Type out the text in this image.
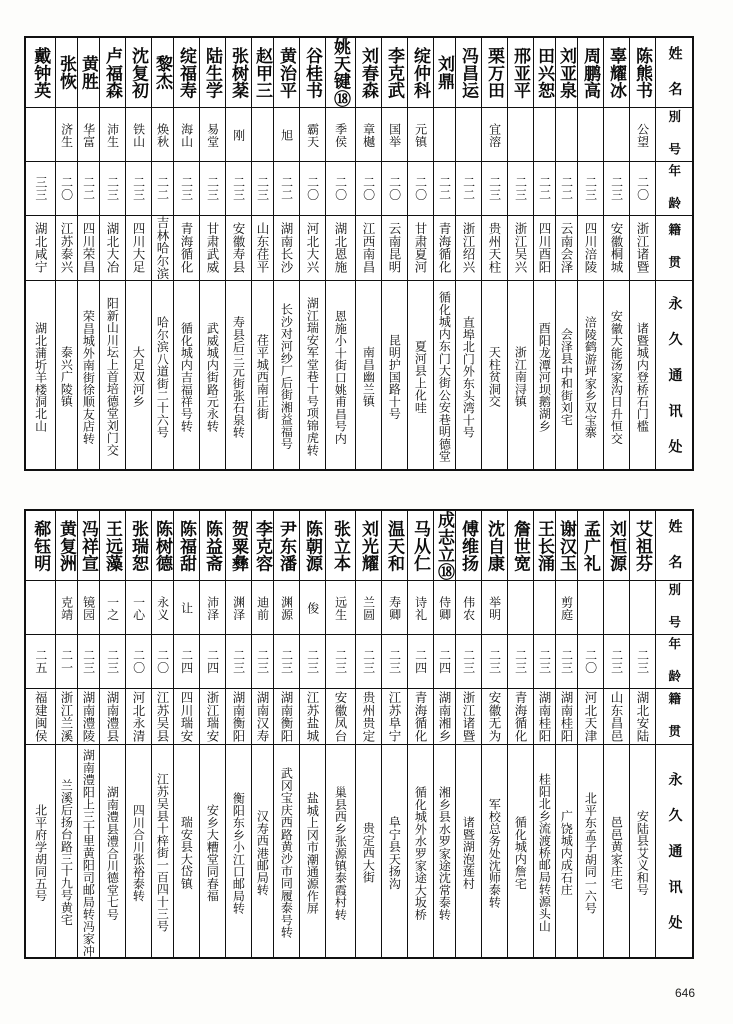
戴钟英	张恢	黄胜	卢福森	沈复初	黎杰	绽福寿	陆生学	张树棻	赵甲三	黄治平	谷桂书	姚天键⑱	刘春森	李克武	绽仲科	刘鼎	冯昌运	栗万田	邢亚平	田兴恕	刘亚泉	周鹏高	辜耀冰	陈熊书	姓　名

	济生	华富	沛生	铁山	焕秋	海山	易堂	刚		旭	霸天	季侯	章樾	国举	元镇			宜溶						公望	別　号

三三	二〇	二二	二三	二三	二二	二三	二三	二三	二三	二二	二〇	二〇	二〇	二〇	二〇	二二	二二	二三	二三	二二	二二	二三	二三	二〇	年　龄

湖北咸宁	江苏泰兴	四川荣昌	湖北大冶	四川大足	吉林哈尔滨	青海循化	甘肃武威	安徽寿县	山东荏平	湖南长沙	河北大兴	湖北恩施	江西南昌	云南昆明	甘肃夏河	青海循化	浙江绍兴	贵州天柱	浙江吴兴	四川酉阳	云南会泽	四川涪陵	安徽桐城	浙江诸暨	籍　贯

湖北蒲圻羊楼洞北山	泰兴广陵镇	荣昌城外南街徐顺友店转	阳新山川坛上首培德堂刘门交	大足双河乡	哈尔滨八道街二十六号	循化城内吉福祥号转	武威城内街路元永转	寿县后三元街张石泉转	荏平城西南正街	长沙对河纱厂后街湘益福号	湖江瑞安军堂巷十号项锦虎转	恩施小十街口姚甫昌号内	南昌幽兰镇	昆明护国路十号	夏河县上化哇	循化城内东门大街公安巷明德堂	直埠北门外东头湾十号	天柱贫洞交	浙江南浔镇	酉阳龙潭河坝鹅湖乡	会泽县中和街刘宅	涪陵鹤游坪家乡双宝寨	安徽大能汤家沟日升恒交	诸暨城内登桥石门槛	永　久　通　讯　处
郗钰明	黄复洲	冯祥宣	王远藻	张瑞恕	陈树德	陈福甜	陈益斋	贺粟彝	李克容	尹东潘	陈朝源	张立本	刘光耀	温天和	马从仁	成志立⑱	傅维扬	沈自康	詹世宽	王长涌	谢汉玉	孟广礼	刘恒源	艾祖芬	姓　名

	克靖	镜园	一之	一心	永义	让	沛泽	渊泽	迪前	渊源	俊	远生	兰圆	寿卿	诗礼	侍卿	伟农	举明			剪庭				別　号

二五	二一	二三	二三	二〇	二〇	二四	二四	二三	二三	二三	二三	二三	二三	二三	二四	二四	二三	二三	二三	二三	二三	二〇	二三	二三	年　龄

福建闽侯	浙江兰溪	湖南澧陵	湖南澧县	河北永清	江苏吴县	四川瑞安	浙江瑞安	湖南衡阳	湖南汉寿	湖南衡阳	江苏盐城	安徽凤台	贵州贵定	江苏阜宁	青海循化	湖南湘乡	浙江诸暨	安徽无为	青海循化	湖南桂阳	湖南桂阳	河北天津	山东昌邑	湖北安陆	籍　贯

北平府学胡同五号	兰溪后扬台路三十九号黄宅	湖南澧阳上三十里黄阳司邮局转冯家冲	湖南澧县澧合川德堂七号	四川合川张裕泰转	江苏吴县十梓街一百四十三号	瑞安县大岱镇	安乡大糟堂同春福	衡阳东乡小江口邮局转	汉寿西港邮局转	武冈宝庆西路黄沙市同履泰号转	盐城上冈市潮通源作屏	巢县西乡张源镇泰霞村转	贵定西大街	阜宁县天扬沟	循化城外水罗家途大坂桥	湘乡县水罗家途沈常泰转	诸暨湖泡莲村	军校总务处沈师泰转	循化城内詹宅	桂阳北乡流渡桥邮局转源头山	广饶城内成石庄	北平东孟子胡同一六号	邑邑黄家庄宅	安陆县艾义和号	永　久　通　讯　处
646
